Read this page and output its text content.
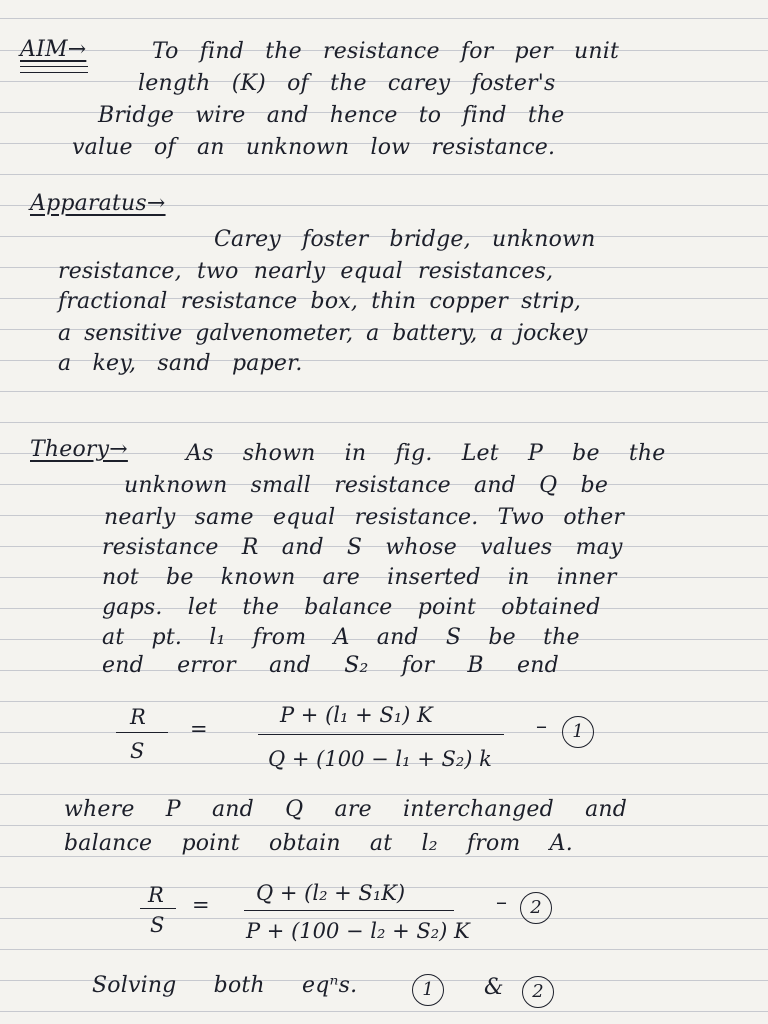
AIM→	To find the resistance for per unit
length (K) of the carey foster's
Bridge wire and hence to find the
value of an unknown low resistance.
Apparatus→
Carey foster bridge, unknown
resistance, two nearly equal resistances,
fractional resistance box, thin copper strip,
a sensitive galvenometer, a battery, a jockey
a key, sand paper.
Theory→	As shown in fig. Let P be the
unknown small resistance and Q be
nearly same equal resistance. Two other
resistance R and S whose values may
not be known are inserted in inner
gaps. let the balance point obtained
at pt. l₁ from A and S be the
end error and S₂ for B end
R
S
=
P + (l₁ + S₁) K
Q + (100 − l₁ + S₂) k
–	1
where P and Q are interchanged and
balance point obtain at l₂ from A.
R
S
= Q + (l₂ + S₁K)
P + (100 − l₂ + S₂) K
–	2
Solving both eqⁿs.	1	&	2
